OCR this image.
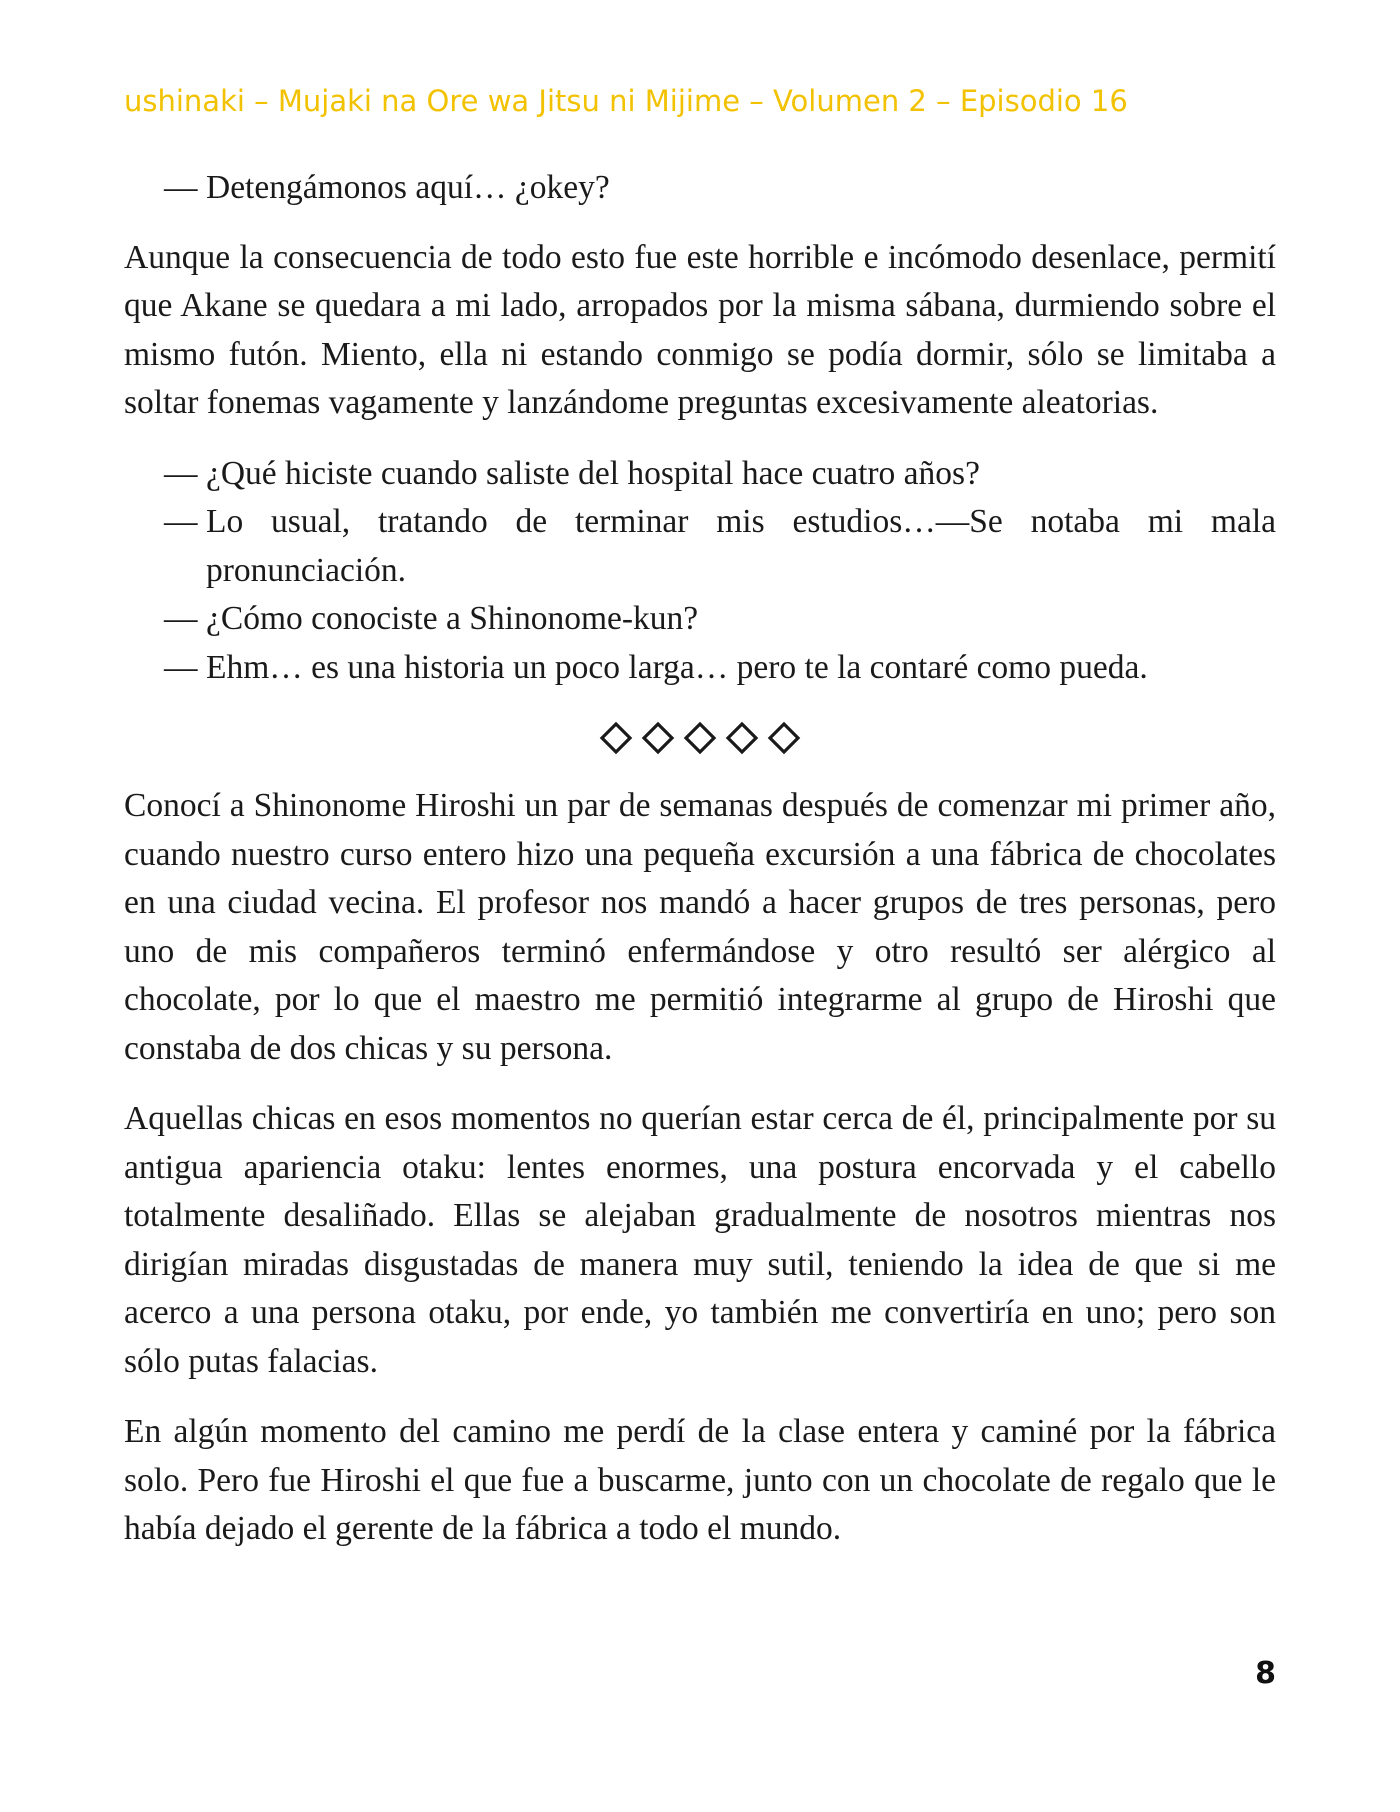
ushinaki – Mujaki na Ore wa Jitsu ni Mijime – Volumen 2 – Episodio 16

— Detengámonos aquí… ¿okey?

Aunque la consecuencia de todo esto fue este horrible e incómodo desenlace, permití que Akane se quedara a mi lado, arropados por la misma sábana, durmiendo sobre el mismo futón. Miento, ella ni estando conmigo se podía dormir, sólo se limitaba a soltar fonemas vagamente y lanzándome preguntas excesivamente aleatorias.

— ¿Qué hiciste cuando saliste del hospital hace cuatro años?

— Lo usual, tratando de terminar mis estudios…—Se notaba mi mala pronunciación.

— ¿Cómo conociste a Shinonome-kun?

— Ehm… es una historia un poco larga… pero te la contaré como pueda.

Conocí a Shinonome Hiroshi un par de semanas después de comenzar mi primer año, cuando nuestro curso entero hizo una pequeña excursión a una fábrica de chocolates en una ciudad vecina. El profesor nos mandó a hacer grupos de tres personas, pero uno de mis compañeros terminó enfermándose y otro resultó ser alérgico al chocolate, por lo que el maestro me permitió integrarme al grupo de Hiroshi que constaba de dos chicas y su persona.

Aquellas chicas en esos momentos no querían estar cerca de él, principalmente por su antigua apariencia otaku: lentes enormes, una postura encorvada y el cabello totalmente desaliñado. Ellas se alejaban gradualmente de nosotros mientras nos dirigían miradas disgustadas de manera muy sutil, teniendo la idea de que si me acerco a una persona otaku, por ende, yo también me convertiría en uno; pero son sólo putas falacias.

En algún momento del camino me perdí de la clase entera y caminé por la fábrica solo. Pero fue Hiroshi el que fue a buscarme, junto con un chocolate de regalo que le había dejado el gerente de la fábrica a todo el mundo.

8
